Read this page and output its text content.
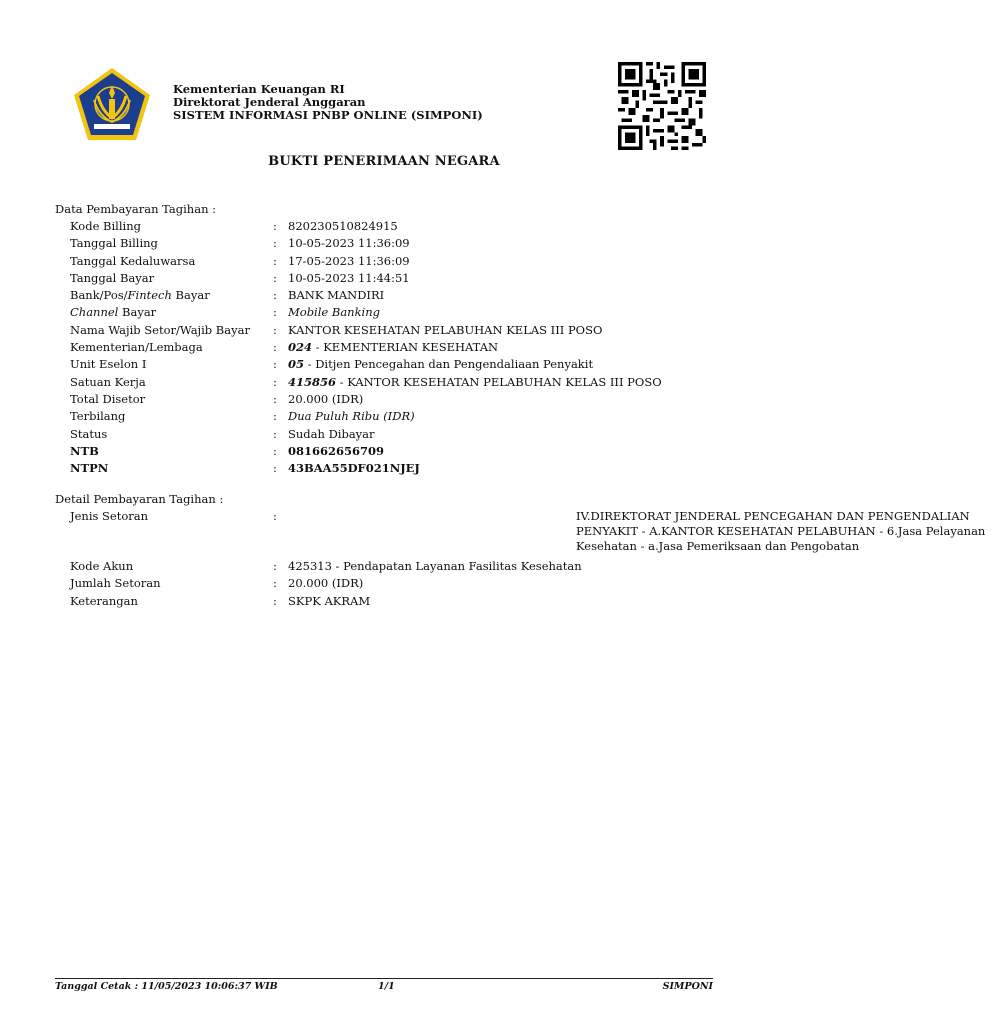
Kementerian Keuangan RI
Direktorat Jenderal Anggaran
SISTEM INFORMASI PNBP ONLINE (SIMPONI)
BUKTI PENERIMAAN NEGARA
Data Pembayaran Tagihan :
Kode Billing	: 820230510824915
Tanggal Billing	: 10-05-2023 11:36:09
Tanggal Kedaluwarsa	: 17-05-2023 11:36:09
Tanggal Bayar	: 10-05-2023 11:44:51
Bank/Pos/Fintech Bayar	: BANK MANDIRI
Channel Bayar	: Mobile Banking
Nama Wajib Setor/Wajib Bayar : KANTOR KESEHATAN PELABUHAN KELAS III POSO
Kementerian/Lembaga	: 024 - KEMENTERIAN KESEHATAN
Unit Eselon I	: 05 - Ditjen Pencegahan dan Pengendaliaan Penyakit
Satuan Kerja	: 415856 - KANTOR KESEHATAN PELABUHAN KELAS III POSO
Total Disetor	: 20.000 (IDR)
Terbilang	: Dua Puluh Ribu (IDR)
Status	: Sudah Dibayar
NTB	: 081662656709
NTPN	: 43BAA55DF021NJEJ
Detail Pembayaran Tagihan :
Jenis Setoran	:	IV.DIREKTORAT JENDERAL PENCEGAHAN DAN PENGENDALIAN PENYAKIT - A.KANTOR KESEHATAN PELABUHAN - 6.Jasa Pelayanan Kesehatan - a.Jasa Pemeriksaan dan Pengobatan
Kode Akun	: 425313 - Pendapatan Layanan Fasilitas Kesehatan
Jumlah Setoran	: 20.000 (IDR)
Keterangan	: SKPK AKRAM
Tanggal Cetak : 11/05/2023 10:06:37 WIB	1/1	SIMPONI
